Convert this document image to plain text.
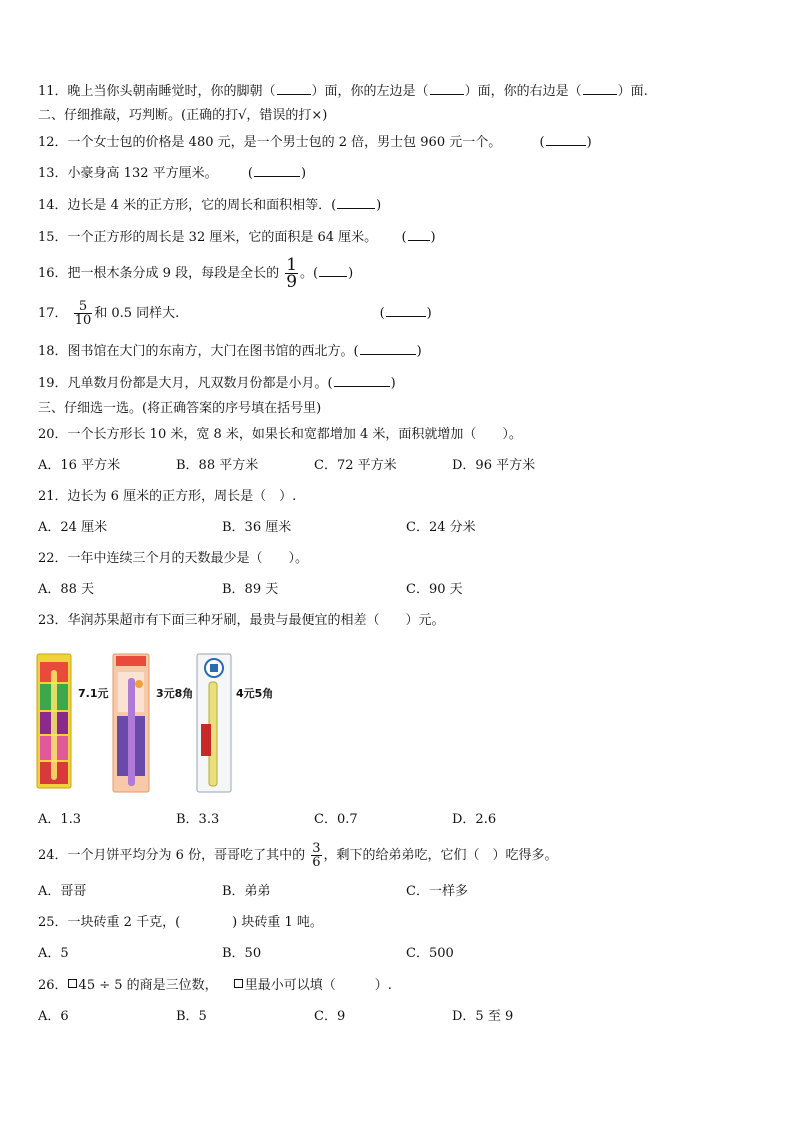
11．晚上当你头朝南睡觉时，你的脚朝（	）面，你的左边是（	）面，你的右边是（	）面.
二、仔细推敲，巧判断。(正确的打√，错误的打×)
12．一个女士包的价格是 480 元，是一个男士包的 2 倍，男士包 960 元一个。	(	)
13．小豪身高 132 平方厘米。 (	)
14．边长是 4 米的正方形，它的周长和面积相等．(	)
15．一个正方形的周长是 32 厘米，它的面积是 64 厘米。 ( )
16．把一根木条分成 9 段，每段是全长的 $\frac{1}{9}$ 。( )
17． $\frac{5}{10}$ 和 0.5 同样大.	(	)
18．图书馆在大门的东南方，大门在图书馆的西北方。(	)
19．凡单数月份都是大月，凡双数月份都是小月。(	)
三、仔细选一选。(将正确答案的序号填在括号里)
20．一个长方形长 10 米，宽 8 米，如果长和宽都增加 4 米，面积就增加（　　）。
A．16 平方米	B．88 平方米	C．72 平方米	D．96 平方米
21．边长为 6 厘米的正方形，周长是（　）.
A．24 厘米	B．36 厘米	C．24 分米
22．一年中连续三个月的天数最少是（　　）。
A．88 天	B．89 天	C．90 天
23．华润苏果超市有下面三种牙刷，最贵与最便宜的相差（　　）元。
7.1元	3元8角	4元5角
A．1.3	B．3.3	C．0.7	D．2.6
24．一个月饼平均分为 6 份，哥哥吃了其中的 $\frac{3}{6}$ ，剩下的给弟弟吃，它们（　）吃得多。
A．哥哥	B．弟弟	C．一样多
25．一块砖重 2 千克，(　　　　) 块砖重 1 吨。
A．5	B．50	C．500
26． 45 ÷ 5 的商是三位数， 里最小可以填（　　　）.
A．6	B．5	C．9	D．5 至 9
